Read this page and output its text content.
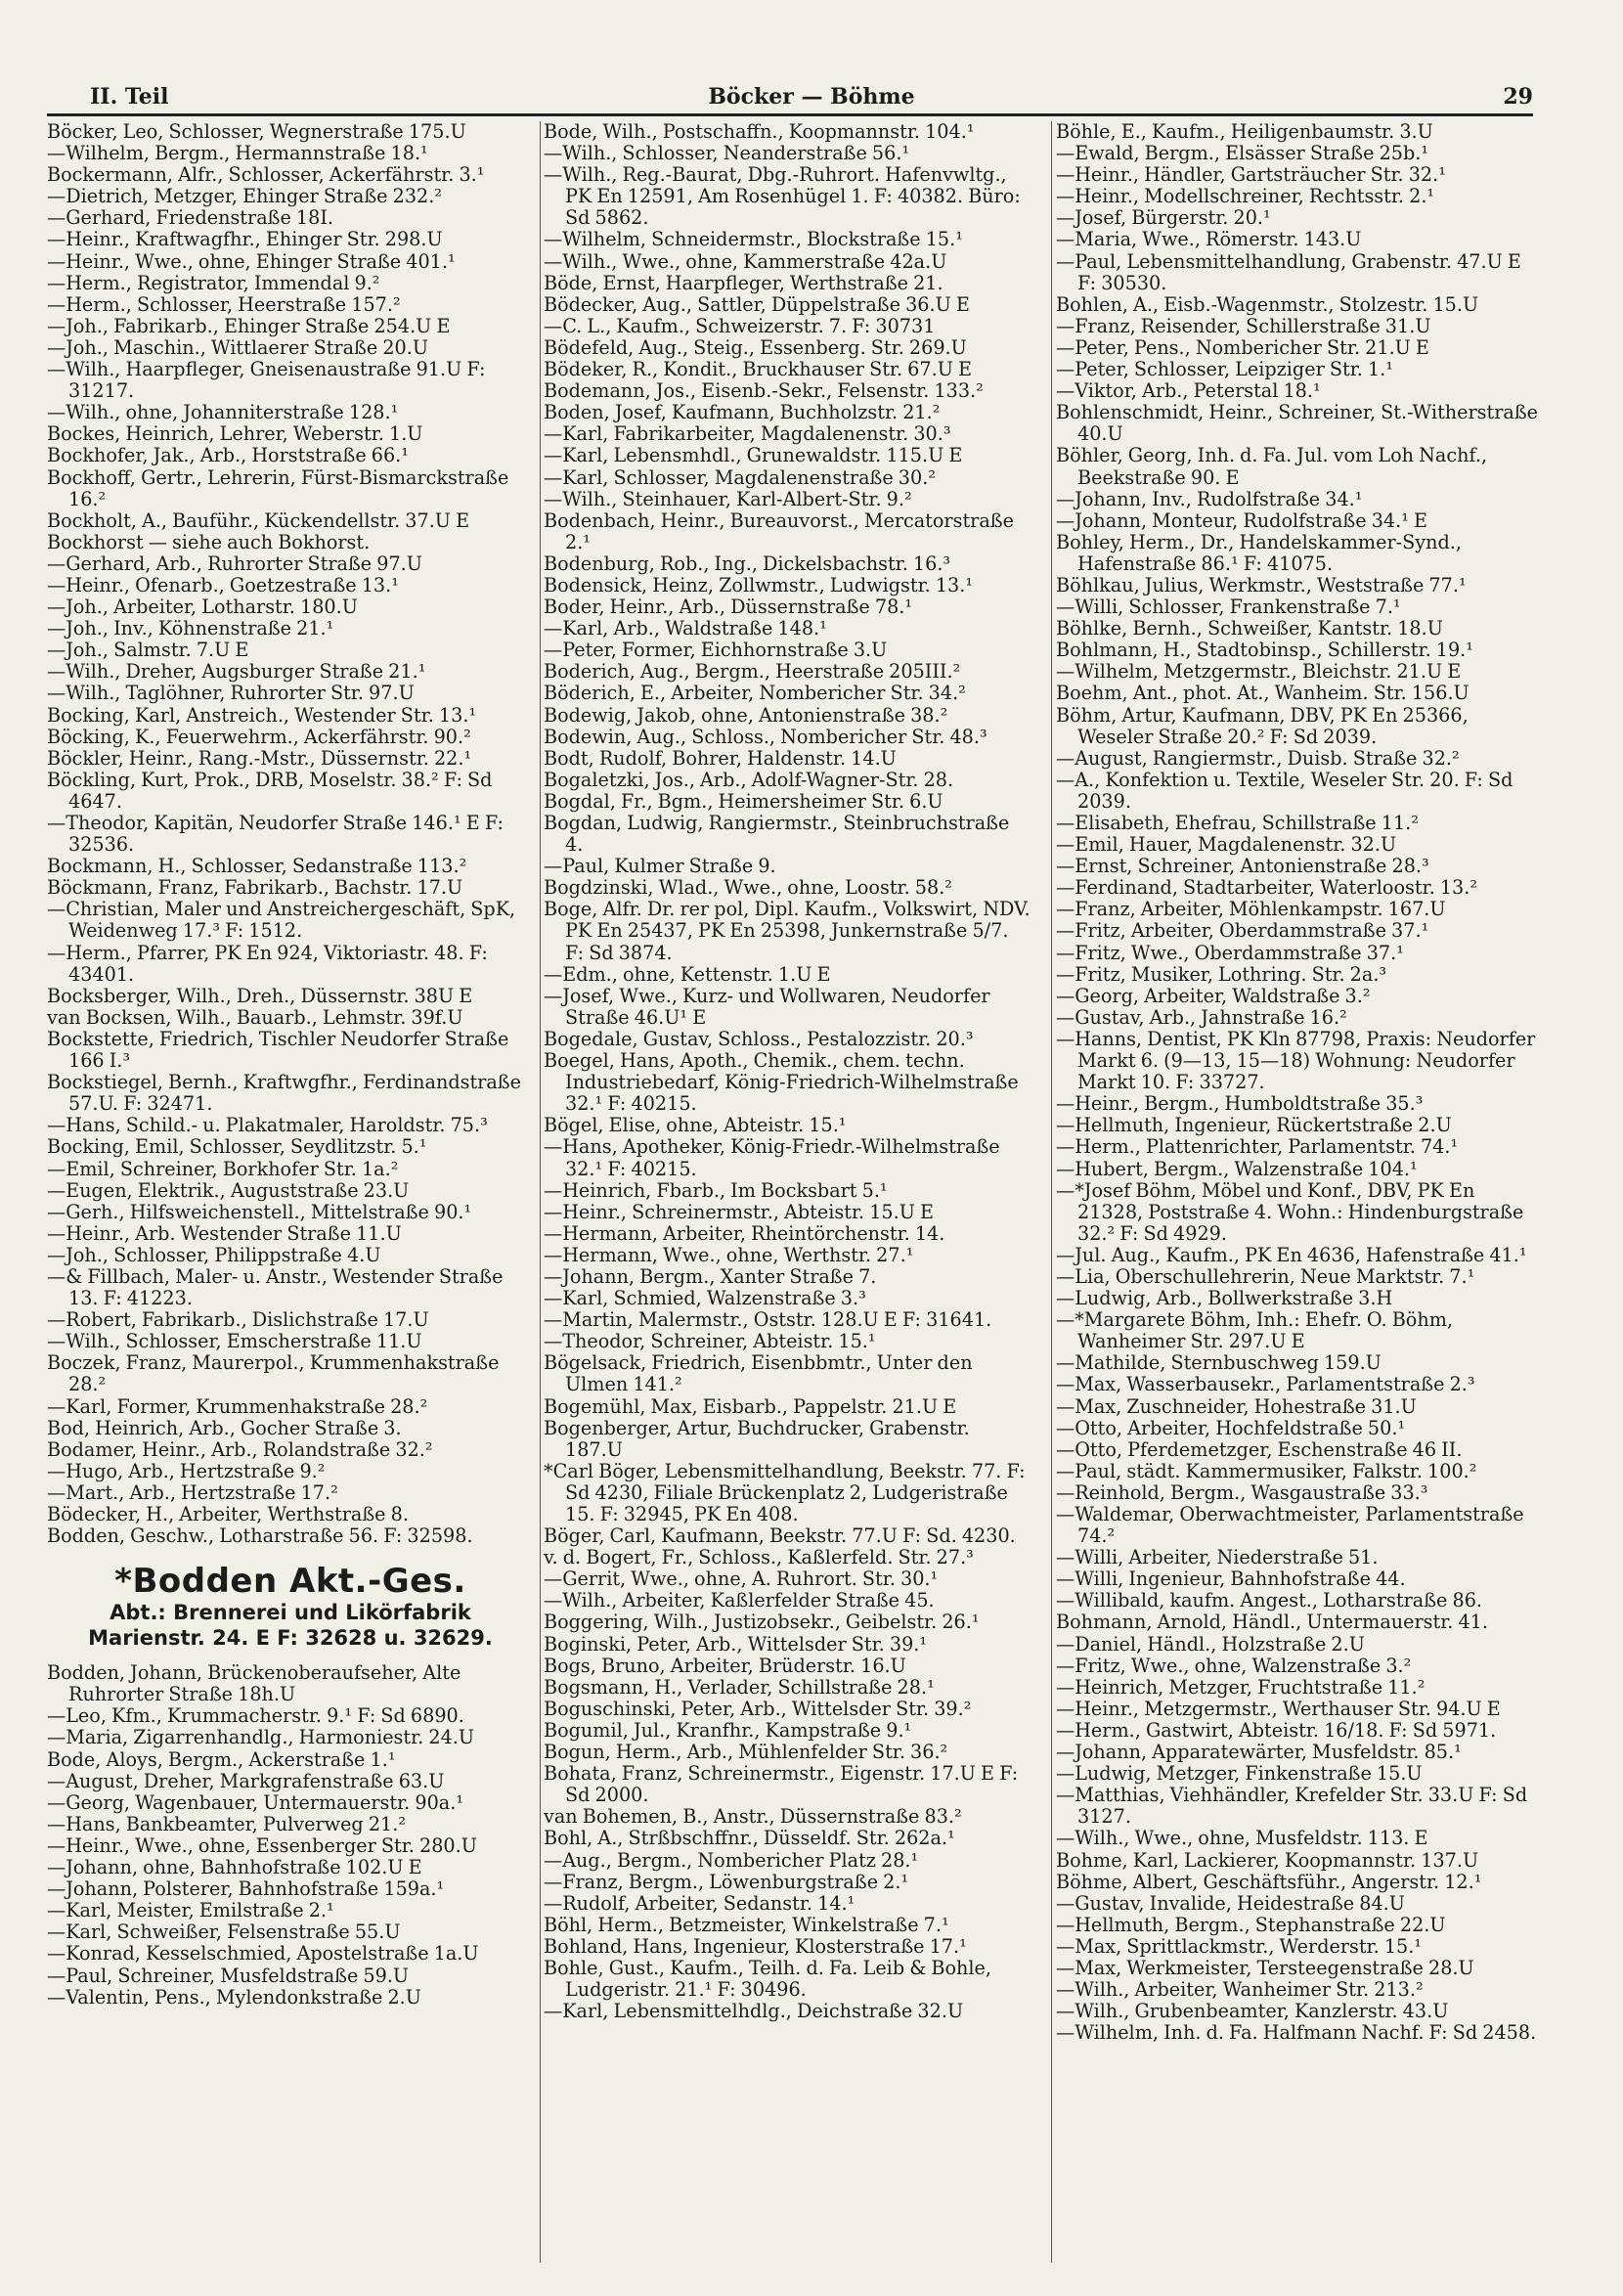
II. Teil	Böcker — Böhme	29
Böcker, Leo, Schlosser, Wegnerstraße 175.U
—Wilhelm, Bergm., Hermannstraße 18.¹
Bockermann, Alfr., Schlosser, Ackerfährstr. 3.¹
—Dietrich, Metzger, Ehinger Straße 232.²
—Gerhard, Friedenstraße 18I.
—Heinr., Kraftwagfhr., Ehinger Str. 298.U
—Heinr., Wwe., ohne, Ehinger Straße 401.¹
—Herm., Registrator, Immendal 9.²
—Herm., Schlosser, Heerstraße 157.²
—Joh., Fabrikarb., Ehinger Straße 254.U E
—Joh., Maschin., Wittlaerer Straße 20.U
—Wilh., Haarpfleger, Gneisenaustraße 91.U F: 31217.
—Wilh., ohne, Johanniterstraße 128.¹
Bockes, Heinrich, Lehrer, Weberstr. 1.U
Bockhofer, Jak., Arb., Horststraße 66.¹
Bockhoff, Gertr., Lehrerin, Fürst-Bismarckstraße 16.²
Bockholt, A., Bauführ., Kückendellstr. 37.U E
Bockhorst — siehe auch Bokhorst.
—Gerhard, Arb., Ruhrorter Straße 97.U
—Heinr., Ofenarb., Goetzestraße 13.¹
—Joh., Arbeiter, Lotharstr. 180.U
—Joh., Inv., Köhnenstraße 21.¹
—Joh., Salmstr. 7.U E
—Wilh., Dreher, Augsburger Straße 21.¹
—Wilh., Taglöhner, Ruhrorter Str. 97.U
Bocking, Karl, Anstreich., Westender Str. 13.¹
Böcking, K., Feuerwehrm., Ackerfährstr. 90.²
Böckler, Heinr., Rang.-Mstr., Düssernstr. 22.¹
Böckling, Kurt, Prok., DRB, Moselstr. 38.² F: Sd 4647.
—Theodor, Kapitän, Neudorfer Straße 146.¹ E F: 32536.
Bockmann, H., Schlosser, Sedanstraße 113.²
Böckmann, Franz, Fabrikarb., Bachstr. 17.U
—Christian, Maler und Anstreichergeschäft, SpK, Weidenweg 17.³ F: 1512.
—Herm., Pfarrer, PK En 924, Viktoriastr. 48. F: 43401.
Bocksberger, Wilh., Dreh., Düssernstr. 38U E
van Bocksen, Wilh., Bauarb., Lehmstr. 39f.U
Bockstette, Friedrich, Tischler Neudorfer Straße 166 I.³
Bockstiegel, Bernh., Kraftwgfhr., Ferdinandstraße 57.U. F: 32471.
—Hans, Schild.- u. Plakatmaler, Haroldstr. 75.³
Bocking, Emil, Schlosser, Seydlitzstr. 5.¹
—Emil, Schreiner, Borkhofer Str. 1a.²
—Eugen, Elektrik., Auguststraße 23.U
—Gerh., Hilfsweichenstell., Mittelstraße 90.¹
—Heinr., Arb. Westender Straße 11.U
—Joh., Schlosser, Philippstraße 4.U
—& Fillbach, Maler- u. Anstr., Westender Straße 13. F: 41223.
—Robert, Fabrikarb., Dislichstraße 17.U
—Wilh., Schlosser, Emscherstraße 11.U
Boczek, Franz, Maurerpol., Krummenhakstraße 28.²
—Karl, Former, Krummenhakstraße 28.²
Bod, Heinrich, Arb., Gocher Straße 3.
Bodamer, Heinr., Arb., Rolandstraße 32.²
—Hugo, Arb., Hertzstraße 9.²
—Mart., Arb., Hertzstraße 17.²
Bödecker, H., Arbeiter, Werthstraße 8.
Bodden, Geschw., Lotharstraße 56. F: 32598.
*Bodden Akt.-Ges.
Abt.: Brennerei und Likörfabrik
Marienstr. 24. E F: 32628 u. 32629.
Bodden, Johann, Brückenoberaufseher, Alte Ruhrorter Straße 18h.U
—Leo, Kfm., Krummacherstr. 9.¹ F: Sd 6890.
—Maria, Zigarrenhandlg., Harmoniestr. 24.U
Bode, Aloys, Bergm., Ackerstraße 1.¹
—August, Dreher, Markgrafenstraße 63.U
—Georg, Wagenbauer, Untermauerstr. 90a.¹
—Hans, Bankbeamter, Pulverweg 21.²
—Heinr., Wwe., ohne, Essenberger Str. 280.U
—Johann, ohne, Bahnhofstraße 102.U E
—Johann, Polsterer, Bahnhofstraße 159a.¹
—Karl, Meister, Emilstraße 2.¹
—Karl, Schweißer, Felsenstraße 55.U
—Konrad, Kesselschmied, Apostelstraße 1a.U
—Paul, Schreiner, Musfeldstraße 59.U
—Valentin, Pens., Mylendonkstraße 2.U
Bode, Wilh., Postschaffn., Koopmannstr. 104.¹
—Wilh., Schlosser, Neanderstraße 56.¹
—Wilh., Reg.-Baurat, Dbg.-Ruhrort. Hafenvwltg., PK En 12591, Am Rosenhügel 1. F: 40382. Büro: Sd 5862.
—Wilhelm, Schneidermstr., Blockstraße 15.¹
—Wilh., Wwe., ohne, Kammerstraße 42a.U
Böde, Ernst, Haarpfleger, Werthstraße 21.
Bödecker, Aug., Sattler, Düppelstraße 36.U E
—C. L., Kaufm., Schweizerstr. 7. F: 30731
Bödefeld, Aug., Steig., Essenberg. Str. 269.U
Bödeker, R., Kondit., Bruckhauser Str. 67.U E
Bodemann, Jos., Eisenb.-Sekr., Felsenstr. 133.²
Boden, Josef, Kaufmann, Buchholzstr. 21.²
—Karl, Fabrikarbeiter, Magdalenenstr. 30.³
—Karl, Lebensmhdl., Grunewaldstr. 115.U E
—Karl, Schlosser, Magdalenenstraße 30.²
—Wilh., Steinhauer, Karl-Albert-Str. 9.²
Bodenbach, Heinr., Bureauvorst., Mercatorstraße 2.¹
Bodenburg, Rob., Ing., Dickelsbachstr. 16.³
Bodensick, Heinz, Zollwmstr., Ludwigstr. 13.¹
Boder, Heinr., Arb., Düssernstraße 78.¹
—Karl, Arb., Waldstraße 148.¹
—Peter, Former, Eichhornstraße 3.U
Boderich, Aug., Bergm., Heerstraße 205III.²
Böderich, E., Arbeiter, Nombericher Str. 34.²
Bodewig, Jakob, ohne, Antonienstraße 38.²
Bodewin, Aug., Schloss., Nombericher Str. 48.³
Bodt, Rudolf, Bohrer, Haldenstr. 14.U
Bogaletzki, Jos., Arb., Adolf-Wagner-Str. 28.
Bogdal, Fr., Bgm., Heimersheimer Str. 6.U
Bogdan, Ludwig, Rangiermstr., Steinbruchstraße 4.
—Paul, Kulmer Straße 9.
Bogdzinski, Wlad., Wwe., ohne, Loostr. 58.²
Boge, Alfr. Dr. rer pol, Dipl. Kaufm., Volkswirt, NDV. PK En 25437, PK En 25398, Junkernstraße 5/7. F: Sd 3874.
—Edm., ohne, Kettenstr. 1.U E
—Josef, Wwe., Kurz- und Wollwaren, Neudorfer Straße 46.U¹ E
Bogedale, Gustav, Schloss., Pestalozzistr. 20.³
Boegel, Hans, Apoth., Chemik., chem. techn. Industriebedarf, König-Friedrich-Wilhelmstraße 32.¹ F: 40215.
Bögel, Elise, ohne, Abteistr. 15.¹
—Hans, Apotheker, König-Friedr.-Wilhelmstraße 32.¹ F: 40215.
—Heinrich, Fbarb., Im Bocksbart 5.¹
—Heinr., Schreinermstr., Abteistr. 15.U E
—Hermann, Arbeiter, Rheintörchenstr. 14.
—Hermann, Wwe., ohne, Werthstr. 27.¹
—Johann, Bergm., Xanter Straße 7.
—Karl, Schmied, Walzenstraße 3.³
—Martin, Malermstr., Oststr. 128.U E F: 31641.
—Theodor, Schreiner, Abteistr. 15.¹
Bögelsack, Friedrich, Eisenbbmtr., Unter den Ulmen 141.²
Bogemühl, Max, Eisbarb., Pappelstr. 21.U E
Bogenberger, Artur, Buchdrucker, Grabenstr. 187.U
*Carl Böger, Lebensmittelhandlung, Beekstr. 77. F: Sd 4230, Filiale Brückenplatz 2, Ludgeristraße 15. F: 32945, PK En 408.
Böger, Carl, Kaufmann, Beekstr. 77.U F: Sd. 4230.
v. d. Bogert, Fr., Schloss., Kaßlerfeld. Str. 27.³
—Gerrit, Wwe., ohne, A. Ruhrort. Str. 30.¹
—Wilh., Arbeiter, Kaßlerfelder Straße 45.
Boggering, Wilh., Justizobsekr., Geibelstr. 26.¹
Boginski, Peter, Arb., Wittelsder Str. 39.¹
Bogs, Bruno, Arbeiter, Brüderstr. 16.U
Bogsmann, H., Verlader, Schillstraße 28.¹
Boguschinski, Peter, Arb., Wittelsder Str. 39.²
Bogumil, Jul., Kranfhr., Kampstraße 9.¹
Bogun, Herm., Arb., Mühlenfelder Str. 36.²
Bohata, Franz, Schreinermstr., Eigenstr. 17.U E F: Sd 2000.
van Bohemen, B., Anstr., Düssernstraße 83.²
Bohl, A., Strßbschffnr., Düsseldf. Str. 262a.¹
—Aug., Bergm., Nombericher Platz 28.¹
—Franz, Bergm., Löwenburgstraße 2.¹
—Rudolf, Arbeiter, Sedanstr. 14.¹
Böhl, Herm., Betzmeister, Winkelstraße 7.¹
Bohland, Hans, Ingenieur, Klosterstraße 17.¹
Bohle, Gust., Kaufm., Teilh. d. Fa. Leib & Bohle, Ludgeristr. 21.¹ F: 30496.
—Karl, Lebensmittelhdlg., Deichstraße 32.U
Böhle, E., Kaufm., Heiligenbaumstr. 3.U
—Ewald, Bergm., Elsässer Straße 25b.¹
—Heinr., Händler, Gartsträucher Str. 32.¹
—Heinr., Modellschreiner, Rechtsstr. 2.¹
—Josef, Bürgerstr. 20.¹
—Maria, Wwe., Römerstr. 143.U
—Paul, Lebensmittelhandlung, Grabenstr. 47.U E F: 30530.
Bohlen, A., Eisb.-Wagenmstr., Stolzestr. 15.U
—Franz, Reisender, Schillerstraße 31.U
—Peter, Pens., Nombericher Str. 21.U E
—Peter, Schlosser, Leipziger Str. 1.¹
—Viktor, Arb., Peterstal 18.¹
Bohlenschmidt, Heinr., Schreiner, St.-Witherstraße 40.U
Böhler, Georg, Inh. d. Fa. Jul. vom Loh Nachf., Beekstraße 90. E
—Johann, Inv., Rudolfstraße 34.¹
—Johann, Monteur, Rudolfstraße 34.¹ E
Bohley, Herm., Dr., Handelskammer-Synd., Hafenstraße 86.¹ F: 41075.
Böhlkau, Julius, Werkmstr., Weststraße 77.¹
—Willi, Schlosser, Frankenstraße 7.¹
Böhlke, Bernh., Schweißer, Kantstr. 18.U
Bohlmann, H., Stadtobinsp., Schillerstr. 19.¹
—Wilhelm, Metzgermstr., Bleichstr. 21.U E
Boehm, Ant., phot. At., Wanheim. Str. 156.U
Böhm, Artur, Kaufmann, DBV, PK En 25366, Weseler Straße 20.² F: Sd 2039.
—August, Rangiermstr., Duisb. Straße 32.²
—A., Konfektion u. Textile, Weseler Str. 20. F: Sd 2039.
—Elisabeth, Ehefrau, Schillstraße 11.²
—Emil, Hauer, Magdalenenstr. 32.U
—Ernst, Schreiner, Antonienstraße 28.³
—Ferdinand, Stadtarbeiter, Waterloostr. 13.²
—Franz, Arbeiter, Möhlenkampstr. 167.U
—Fritz, Arbeiter, Oberdammstraße 37.¹
—Fritz, Wwe., Oberdammstraße 37.¹
—Fritz, Musiker, Lothring. Str. 2a.³
—Georg, Arbeiter, Waldstraße 3.²
—Gustav, Arb., Jahnstraße 16.²
—Hanns, Dentist, PK Kln 87798, Praxis: Neudorfer Markt 6. (9—13, 15—18) Wohnung: Neudorfer Markt 10. F: 33727.
—Heinr., Bergm., Humboldtstraße 35.³
—Hellmuth, Ingenieur, Rückertstraße 2.U
—Herm., Plattenrichter, Parlamentstr. 74.¹
—Hubert, Bergm., Walzenstraße 104.¹
—*Josef Böhm, Möbel und Konf., DBV, PK En 21328, Poststraße 4. Wohn.: Hindenburgstraße 32.² F: Sd 4929.
—Jul. Aug., Kaufm., PK En 4636, Hafenstraße 41.¹
—Lia, Oberschullehrerin, Neue Marktstr. 7.¹
—Ludwig, Arb., Bollwerkstraße 3.H
—*Margarete Böhm, Inh.: Ehefr. O. Böhm, Wanheimer Str. 297.U E
—Mathilde, Sternbuschweg 159.U
—Max, Wasserbausekr., Parlamentstraße 2.³
—Max, Zuschneider, Hohestraße 31.U
—Otto, Arbeiter, Hochfeldstraße 50.¹
—Otto, Pferdemetzger, Eschenstraße 46 II.
—Paul, städt. Kammermusiker, Falkstr. 100.²
—Reinhold, Bergm., Wasgaustraße 33.³
—Waldemar, Oberwachtmeister, Parlamentstraße 74.²
—Willi, Arbeiter, Niederstraße 51.
—Willi, Ingenieur, Bahnhofstraße 44.
—Willibald, kaufm. Angest., Lotharstraße 86.
Bohmann, Arnold, Händl., Untermauerstr. 41.
—Daniel, Händl., Holzstraße 2.U
—Fritz, Wwe., ohne, Walzenstraße 3.²
—Heinrich, Metzger, Fruchtstraße 11.²
—Heinr., Metzgermstr., Werthauser Str. 94.U E
—Herm., Gastwirt, Abteistr. 16/18. F: Sd 5971.
—Johann, Apparatewärter, Musfeldstr. 85.¹
—Ludwig, Metzger, Finkenstraße 15.U
—Matthias, Viehhändler, Krefelder Str. 33.U F: Sd 3127.
—Wilh., Wwe., ohne, Musfeldstr. 113. E
Bohme, Karl, Lackierer, Koopmannstr. 137.U
Böhme, Albert, Geschäftsführ., Angerstr. 12.¹
—Gustav, Invalide, Heidestraße 84.U
—Hellmuth, Bergm., Stephanstraße 22.U
—Max, Sprittlackmstr., Werderstr. 15.¹
—Max, Werkmeister, Tersteegenstraße 28.U
—Wilh., Arbeiter, Wanheimer Str. 213.²
—Wilh., Grubenbeamter, Kanzlerstr. 43.U
—Wilhelm, Inh. d. Fa. Halfmann Nachf. F: Sd 2458.
